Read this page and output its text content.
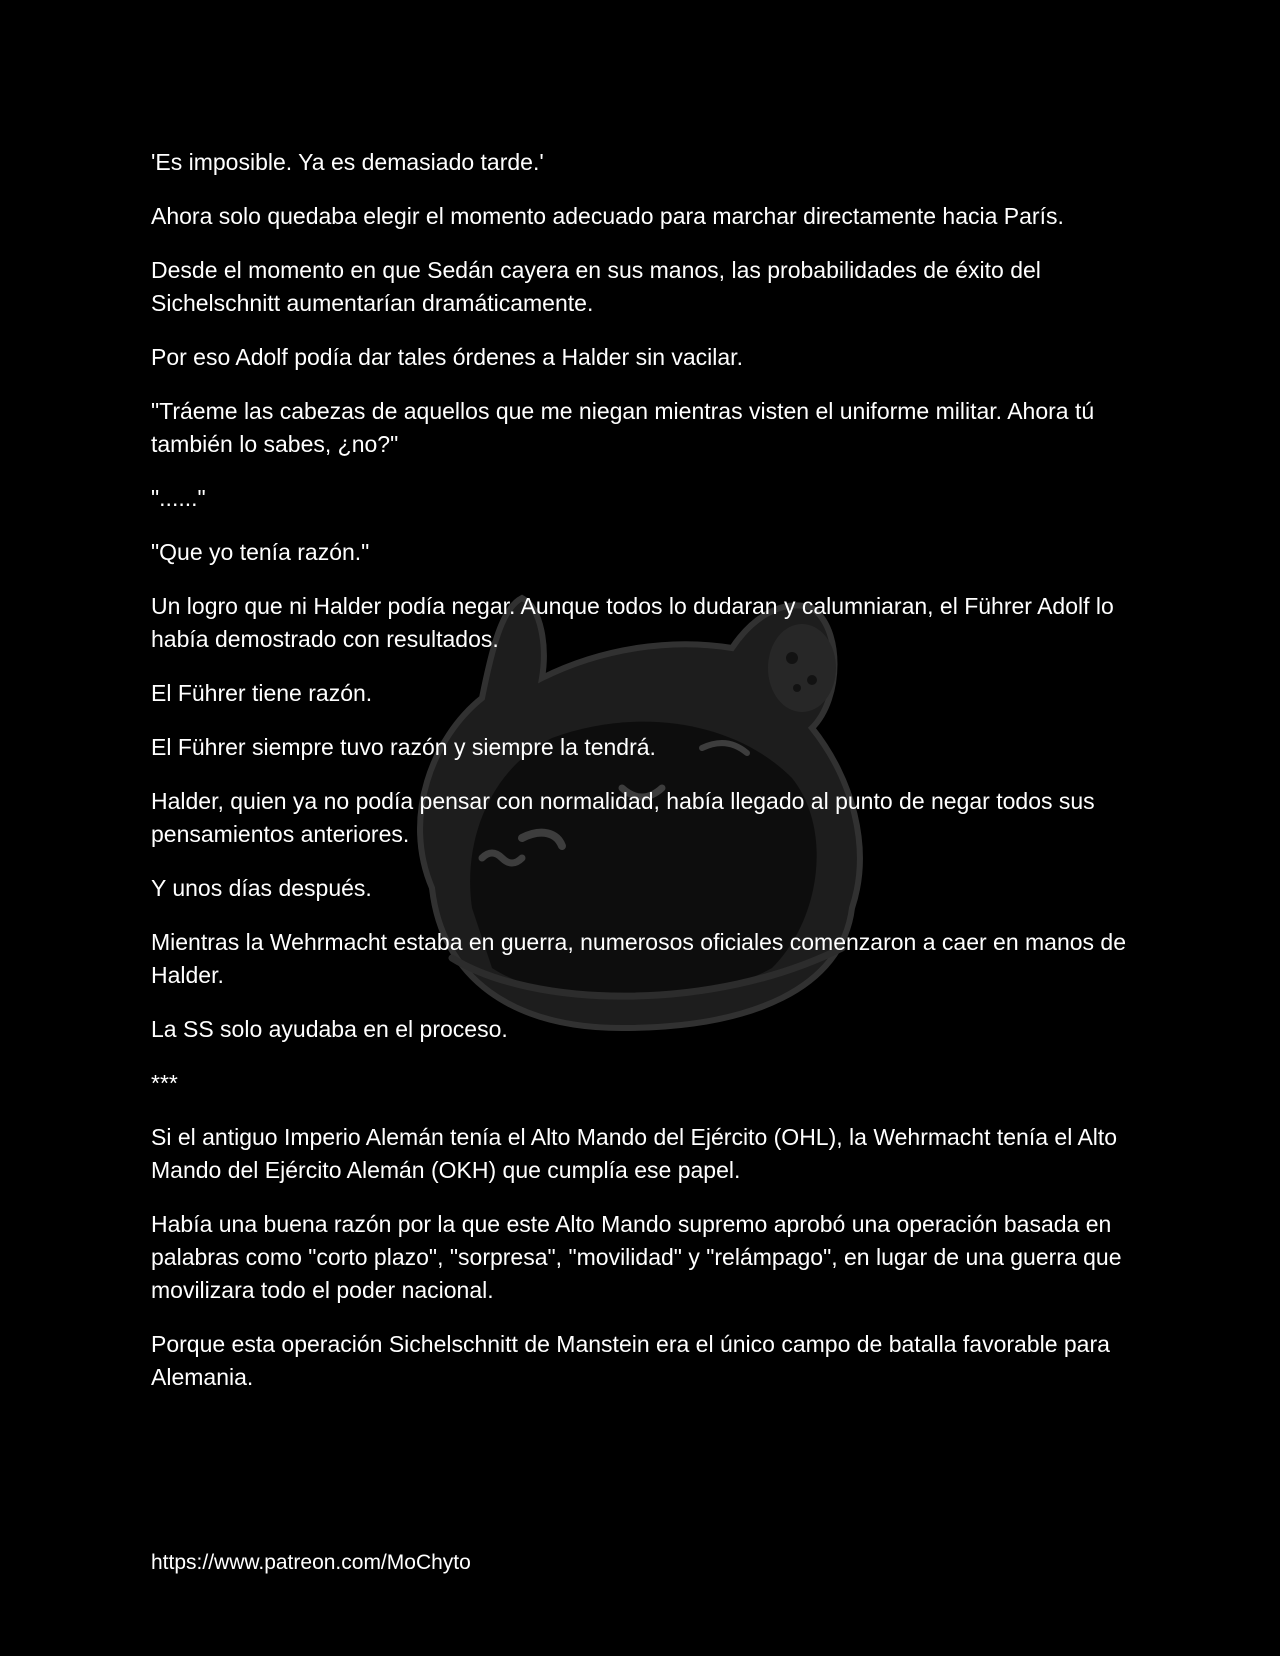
'Es imposible. Ya es demasiado tarde.'

Ahora solo quedaba elegir el momento adecuado para marchar directamente hacia París.

Desde el momento en que Sedán cayera en sus manos, las probabilidades de éxito del Sichelschnitt aumentarían dramáticamente.

Por eso Adolf podía dar tales órdenes a Halder sin vacilar.

"Tráeme las cabezas de aquellos que me niegan mientras visten el uniforme militar. Ahora tú también lo sabes, ¿no?"

"......"

"Que yo tenía razón."

Un logro que ni Halder podía negar. Aunque todos lo dudaran y calumniaran, el Führer Adolf lo había demostrado con resultados.

El Führer tiene razón.

El Führer siempre tuvo razón y siempre la tendrá.

Halder, quien ya no podía pensar con normalidad, había llegado al punto de negar todos sus pensamientos anteriores.

Y unos días después.

Mientras la Wehrmacht estaba en guerra, numerosos oficiales comenzaron a caer en manos de Halder.

La SS solo ayudaba en el proceso.

***

Si el antiguo Imperio Alemán tenía el Alto Mando del Ejército (OHL), la Wehrmacht tenía el Alto Mando del Ejército Alemán (OKH) que cumplía ese papel.

Había una buena razón por la que este Alto Mando supremo aprobó una operación basada en palabras como "corto plazo", "sorpresa", "movilidad" y "relámpago", en lugar de una guerra que movilizara todo el poder nacional.

Porque esta operación Sichelschnitt de Manstein era el único campo de batalla favorable para Alemania.

https://www.patreon.com/MoChyto
